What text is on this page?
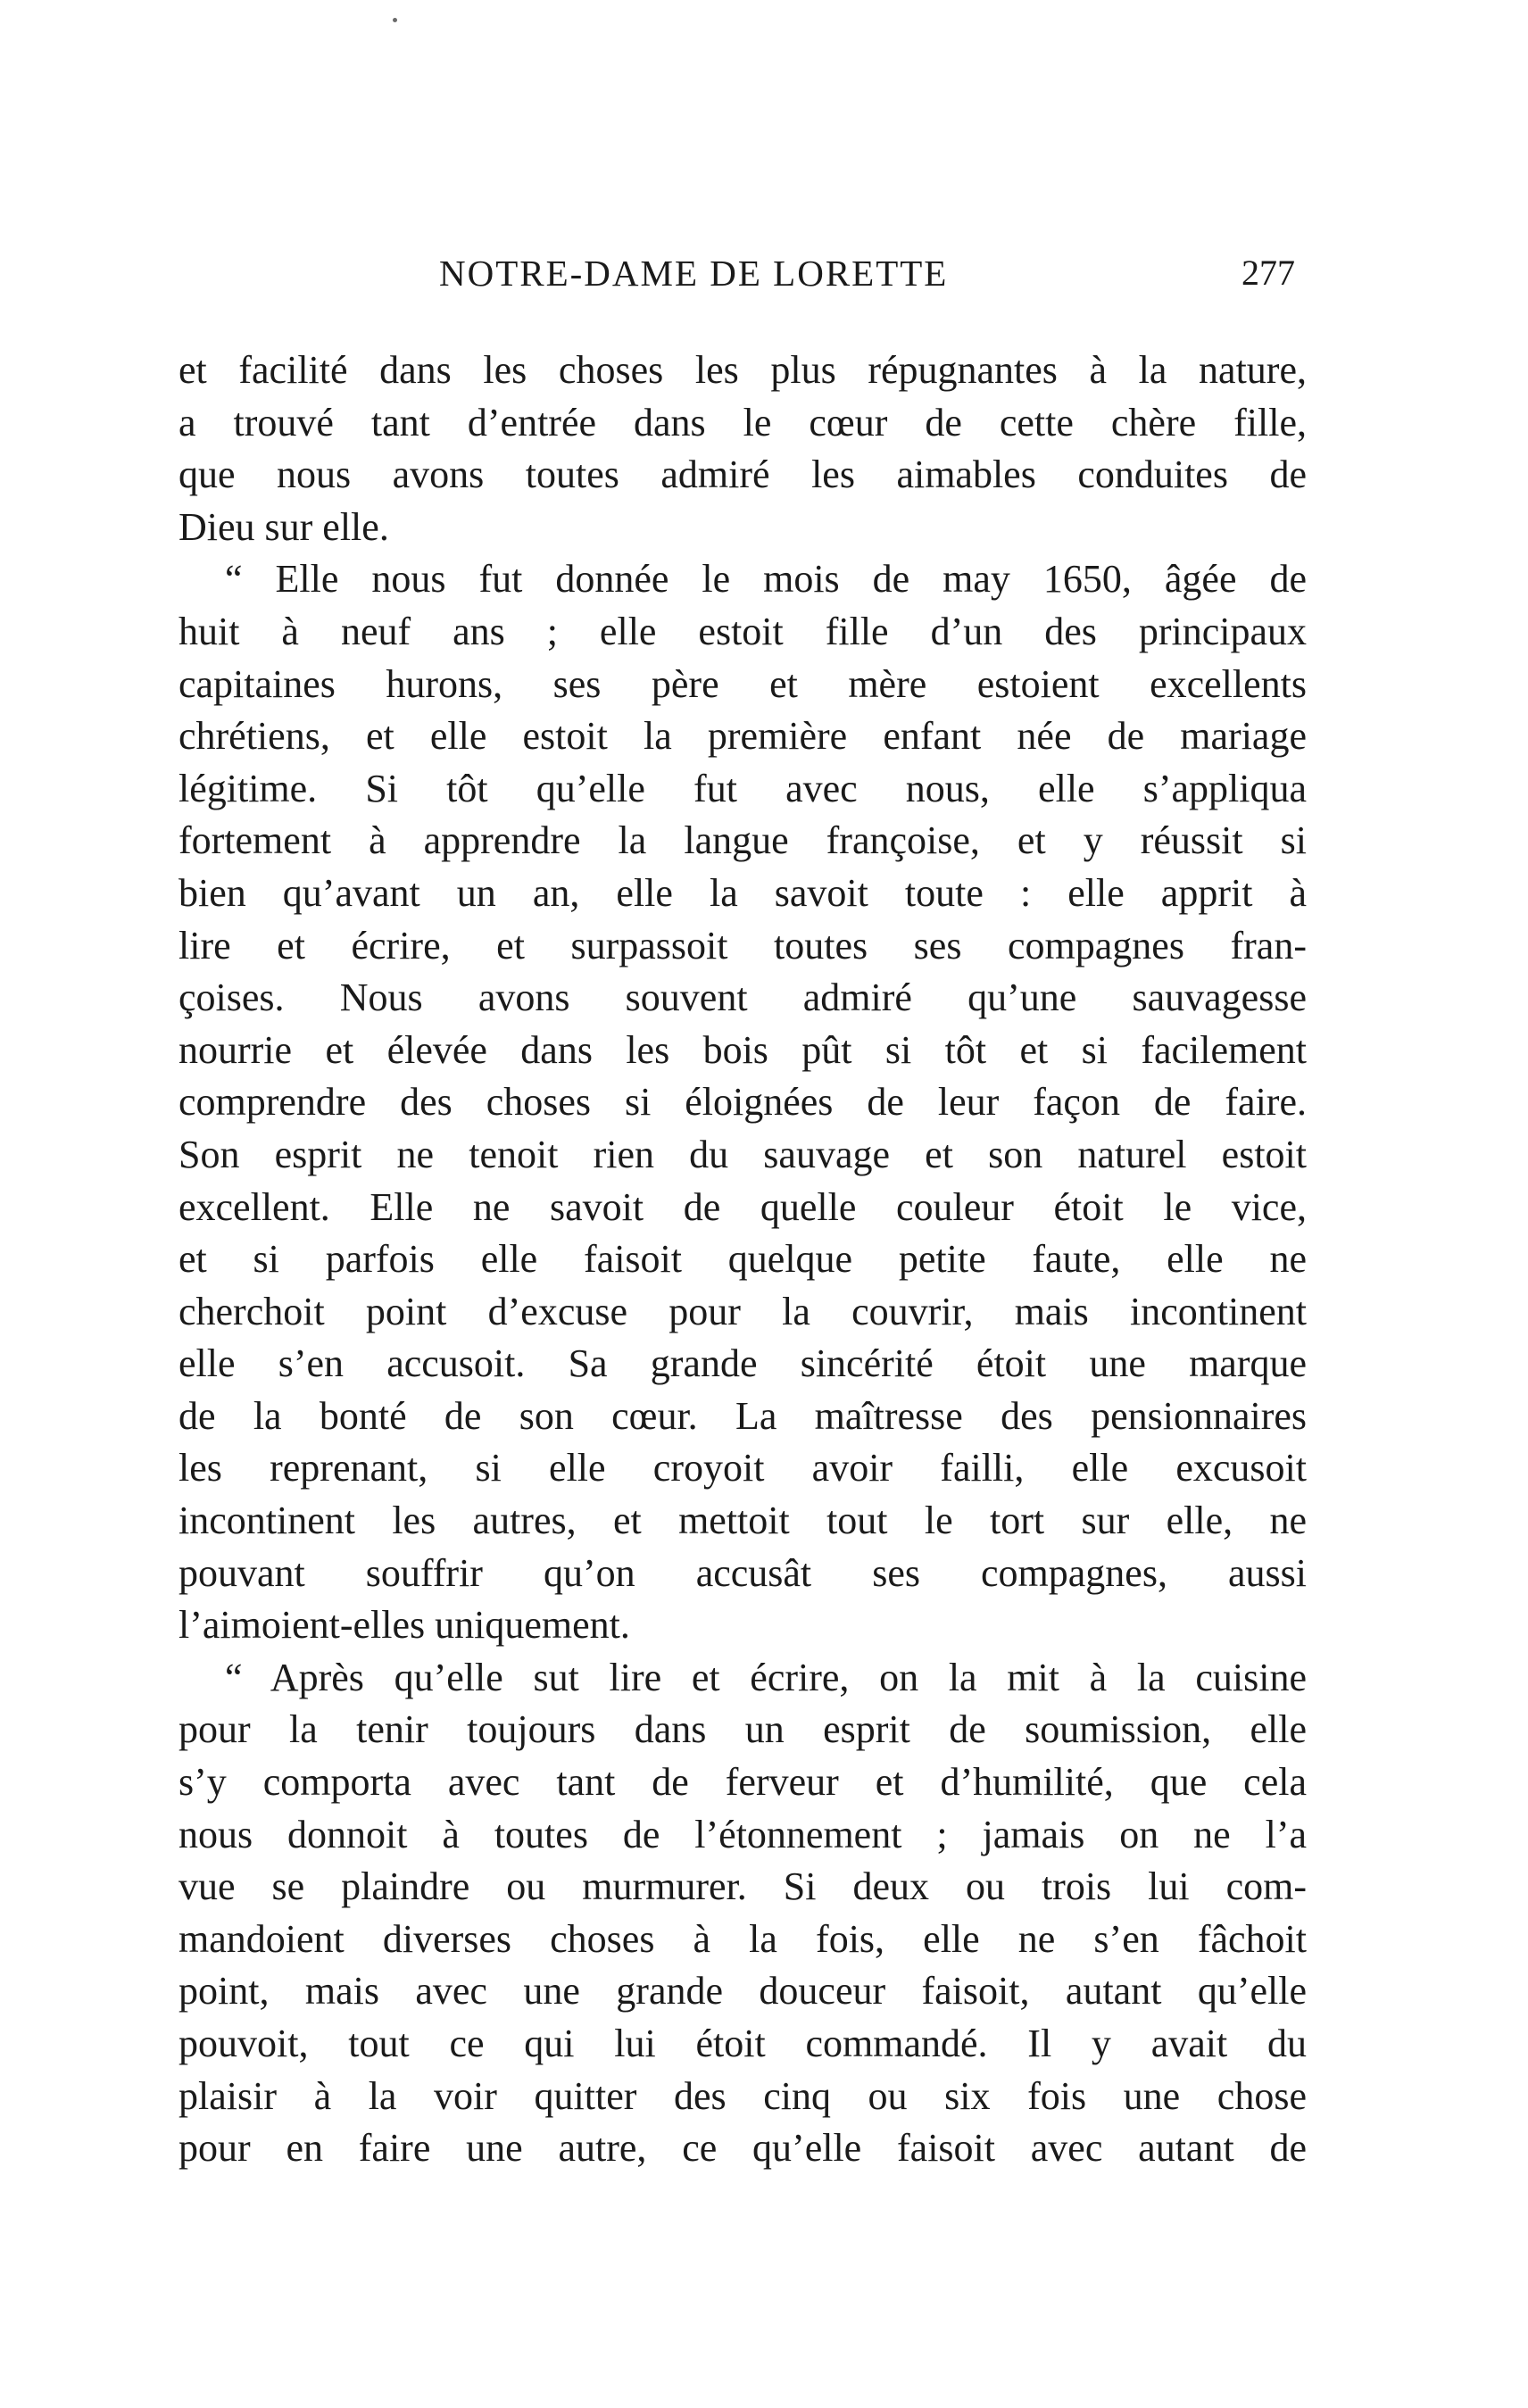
NOTRE-DAME DE LORETTE	277
et facilité dans les choses les plus répugnantes à la nature,
a trouvé tant d’entrée dans le cœur de cette chère fille,
que nous avons toutes admiré les aimables conduites de
Dieu sur elle.
“ Elle nous fut donnée le mois de may 1650, âgée de
huit à neuf ans ; elle estoit fille d’un des principaux
capitaines hurons, ses père et mère estoient excellents
chrétiens, et elle estoit la première enfant née de mariage
légitime. Si tôt qu’elle fut avec nous, elle s’appliqua
fortement à apprendre la langue françoise, et y réussit si
bien qu’avant un an, elle la savoit toute : elle apprit à
lire et écrire, et surpassoit toutes ses compagnes fran-
çoises. Nous avons souvent admiré qu’une sauvagesse
nourrie et élevée dans les bois pût si tôt et si facilement
comprendre des choses si éloignées de leur façon de faire.
Son esprit ne tenoit rien du sauvage et son naturel estoit
excellent. Elle ne savoit de quelle couleur étoit le vice,
et si parfois elle faisoit quelque petite faute, elle ne
cherchoit point d’excuse pour la couvrir, mais incontinent
elle s’en accusoit. Sa grande sincérité étoit une marque
de la bonté de son cœur. La maîtresse des pensionnaires
les reprenant, si elle croyoit avoir failli, elle excusoit
incontinent les autres, et mettoit tout le tort sur elle, ne
pouvant souffrir qu’on accusât ses compagnes, aussi
l’aimoient-elles uniquement.
“ Après qu’elle sut lire et écrire, on la mit à la cuisine
pour la tenir toujours dans un esprit de soumission, elle
s’y comporta avec tant de ferveur et d’humilité, que cela
nous donnoit à toutes de l’étonnement ; jamais on ne l’a
vue se plaindre ou murmurer. Si deux ou trois lui com-
mandoient diverses choses à la fois, elle ne s’en fâchoit
point, mais avec une grande douceur faisoit, autant qu’elle
pouvoit, tout ce qui lui étoit commandé. Il y avait du
plaisir à la voir quitter des cinq ou six fois une chose
pour en faire une autre, ce qu’elle faisoit avec autant de
